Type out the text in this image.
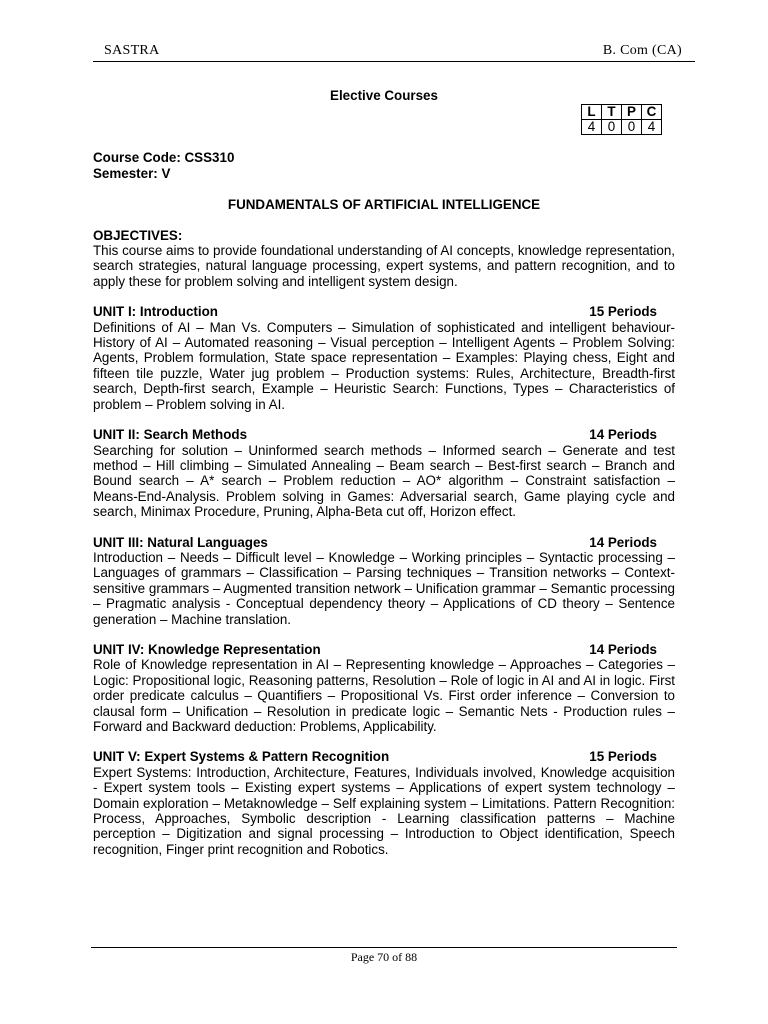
SASTRA	B. Com (CA)
Elective Courses
L	T	P	C
4	0	0	4
Course Code: CSS310
Semester: V
FUNDAMENTALS OF ARTIFICIAL INTELLIGENCE
OBJECTIVES:

This course aims to provide foundational understanding of AI concepts, knowledge representation, search strategies, natural language processing, expert systems, and pattern recognition, and to apply these for problem solving and intelligent system design.

UNIT I: Introduction	15 Periods

Definitions of AI – Man Vs. Computers – Simulation of sophisticated and intelligent behaviour- History of AI – Automated reasoning – Visual perception – Intelligent Agents – Problem Solving: Agents, Problem formulation, State space representation – Examples: Playing chess, Eight and fifteen tile puzzle, Water jug problem – Production systems: Rules, Architecture, Breadth-first search, Depth-first search, Example – Heuristic Search: Functions, Types – Characteristics of problem – Problem solving in AI.

UNIT II: Search Methods	14 Periods

Searching for solution – Uninformed search methods – Informed search – Generate and test method – Hill climbing – Simulated Annealing – Beam search – Best-first search – Branch and Bound search – A* search – Problem reduction – AO* algorithm – Constraint satisfaction – Means-End-Analysis. Problem solving in Games: Adversarial search, Game playing cycle and search, Minimax Procedure, Pruning, Alpha-Beta cut off, Horizon effect.

UNIT III: Natural Languages	14 Periods

Introduction – Needs – Difficult level – Knowledge – Working principles – Syntactic processing – Languages of grammars – Classification – Parsing techniques – Transition networks – Context-sensitive grammars – Augmented transition network – Unification grammar – Semantic processing – Pragmatic analysis - Conceptual dependency theory – Applications of CD theory – Sentence generation – Machine translation.

UNIT IV: Knowledge Representation	14 Periods

Role of Knowledge representation in AI – Representing knowledge – Approaches – Categories – Logic: Propositional logic, Reasoning patterns, Resolution – Role of logic in AI and AI in logic. First order predicate calculus – Quantifiers – Propositional Vs. First order inference – Conversion to clausal form – Unification – Resolution in predicate logic – Semantic Nets - Production rules – Forward and Backward deduction: Problems, Applicability.

UNIT V: Expert Systems & Pattern Recognition	15 Periods

Expert Systems: Introduction, Architecture, Features, Individuals involved, Knowledge acquisition - Expert system tools – Existing expert systems – Applications of expert system technology – Domain exploration – Metaknowledge – Self explaining system – Limitations. Pattern Recognition: Process, Approaches, Symbolic description - Learning classification patterns – Machine perception – Digitization and signal processing – Introduction to Object identification, Speech recognition, Finger print recognition and Robotics.

Page 70 of 88
